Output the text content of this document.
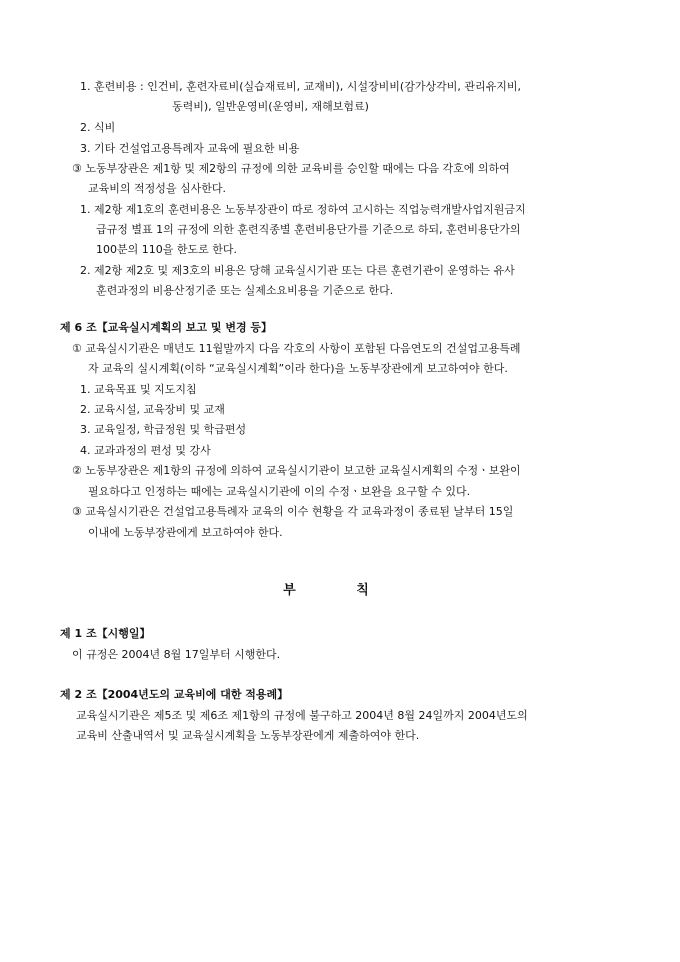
1. 훈련비용 : 인건비, 훈련자료비(실습재료비, 교재비), 시설장비비(감가상각비, 관리유지비,
동력비), 일반운영비(운영비, 재해보험료)
2. 식비
3. 기타 건설업고용특례자 교육에 필요한 비용
③ 노동부장관은 제1항 및 제2항의 규정에 의한 교육비를 승인할 때에는 다음 각호에 의하여
교육비의 적정성을 심사한다.
1. 제2항 제1호의 훈련비용은 노동부장관이 따로 정하여 고시하는 직업능력개발사업지원금지
급규정 별표 1의 규정에 의한 훈련직종별 훈련비용단가를 기준으로 하되, 훈련비용단가의
100분의 110을 한도로 한다.
2. 제2항 제2호 및 제3호의 비용은 당해 교육실시기관 또는 다른 훈련기관이 운영하는 유사
훈련과정의 비용산정기준 또는 실제소요비용을 기준으로 한다.
제 6 조【교육실시계획의 보고 및 변경 등】
① 교육실시기관은 매년도 11월말까지 다음 각호의 사항이 포함된 다음연도의 건설업고용특례
자 교육의 실시계획(이하 “교육실시계획”이라 한다)을 노동부장관에게 보고하여야 한다.
1. 교육목표 및 지도지침
2. 교육시설, 교육장비 및 교재
3. 교육일정, 학급정원 및 학급편성
4. 교과과정의 편성 및 강사
② 노동부장관은 제1항의 규정에 의하여 교육실시기관이 보고한 교육실시계획의 수정ㆍ보완이
필요하다고 인정하는 때에는 교육실시기관에 이의 수정ㆍ보완을 요구할 수 있다.
③ 교육실시기관은 건설업고용특례자 교육의 이수 현황을 각 교육과정이 종료된 날부터 15일
이내에 노동부장관에게 보고하여야 한다.
부 칙
제 1 조【시행일】
이 규정은 2004년 8월 17일부터 시행한다.
제 2 조【2004년도의 교육비에 대한 적용례】
교육실시기관은 제5조 및 제6조 제1항의 규정에 불구하고 2004년 8월 24일까지 2004년도의
교육비 산출내역서 및 교육실시계획을 노동부장관에게 제출하여야 한다.
